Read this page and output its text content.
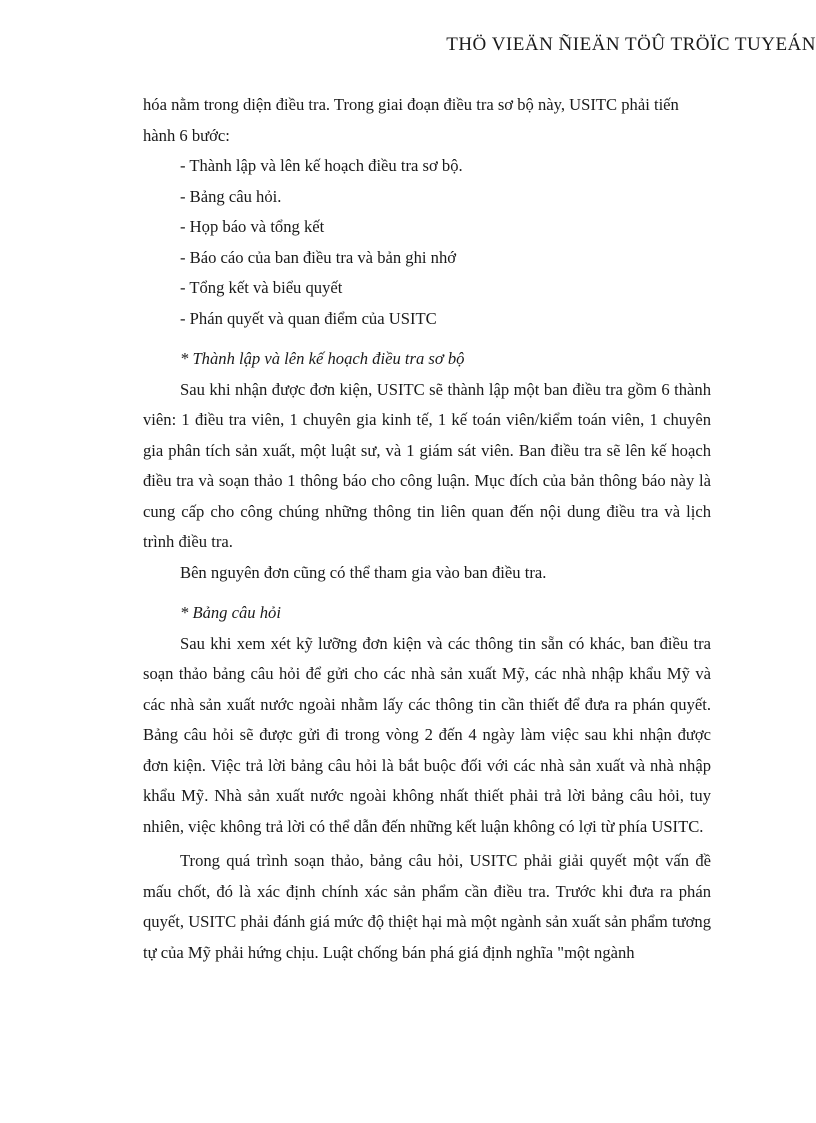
THÖ VIEÄN ÑIEÄN TÖÛ TRÖÏC TUYEÁN

hóa nằm trong diện điều tra. Trong giai đoạn điều tra sơ bộ này, USITC phải tiến

hành 6 bước:

- Thành lập và lên kế hoạch điều tra sơ bộ.

- Bảng câu hỏi.

- Họp báo và tổng kết

- Báo cáo của ban điều tra và bản ghi nhớ

- Tổng kết và biểu quyết

- Phán quyết và quan điểm của USITC

* Thành lập và lên kế hoạch điều tra sơ bộ

Sau khi nhận được đơn kiện, USITC sẽ thành lập một ban điều tra gồm 6 thành viên: 1 điều tra viên, 1 chuyên gia kinh tế, 1 kế toán viên/kiểm toán viên, 1 chuyên gia phân tích sản xuất, một luật sư, và 1 giám sát viên. Ban điều tra sẽ lên kế hoạch điều tra và soạn thảo 1 thông báo cho công luận. Mục đích của bản thông báo này là cung cấp cho công chúng những thông tin liên quan đến nội dung điều tra và lịch trình điều tra.

Bên nguyên đơn cũng có thể tham gia vào ban điều tra.

* Bảng câu hỏi

Sau khi xem xét kỹ lưỡng đơn kiện và các thông tin sẵn có khác, ban điều tra soạn thảo bảng câu hỏi để gửi cho các nhà sản xuất Mỹ, các nhà nhập khẩu Mỹ và các nhà sản xuất nước ngoài nhằm lấy các thông tin cần thiết để đưa ra phán quyết. Bảng câu hỏi sẽ được gửi đi trong vòng 2 đến 4 ngày làm việc sau khi nhận được đơn kiện. Việc trả lời bảng câu hỏi là bắt buộc đối với các nhà sản xuất và nhà nhập khẩu Mỹ. Nhà sản xuất nước ngoài không nhất thiết phải trả lời bảng câu hỏi, tuy nhiên, việc không trả lời có thể dẫn đến những kết luận không có lợi từ phía USITC.

Trong quá trình soạn thảo, bảng câu hỏi, USITC phải giải quyết một vấn đề mấu chốt, đó là xác định chính xác sản phẩm cần điều tra. Trước khi đưa ra phán quyết, USITC phải đánh giá mức độ thiệt hại mà một ngành sản xuất sản phẩm tương tự của Mỹ phải hứng chịu. Luật chống bán phá giá định nghĩa "một ngành
